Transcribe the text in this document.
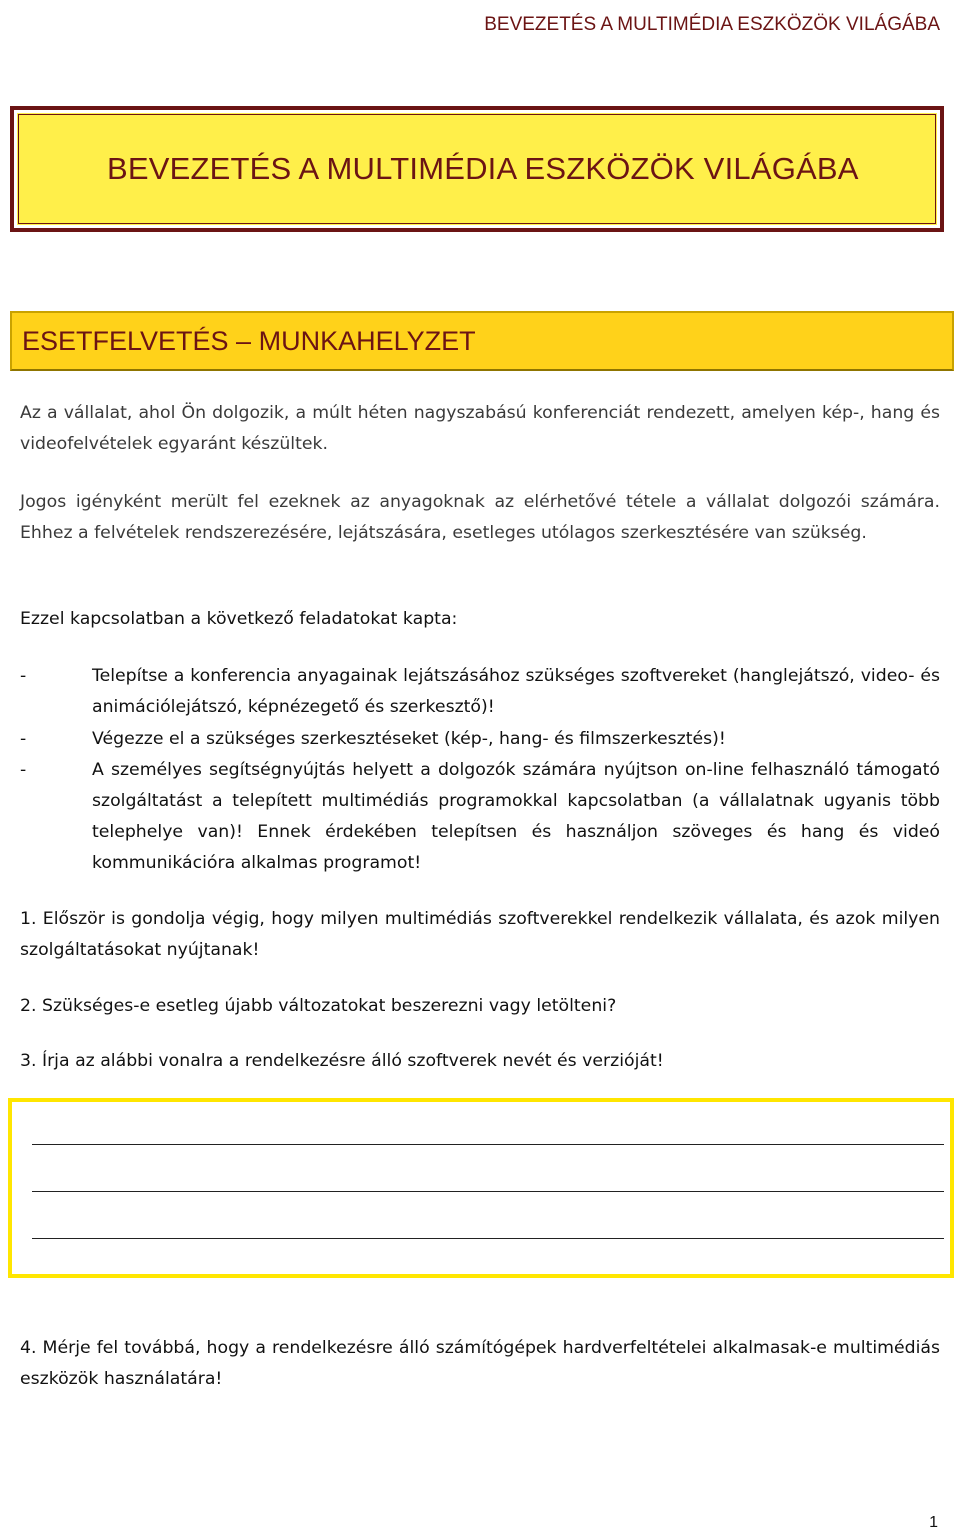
BEVEZETÉS A MULTIMÉDIA ESZKÖZÖK VILÁGÁBA
BEVEZETÉS A MULTIMÉDIA ESZKÖZÖK VILÁGÁBA
ESETFELVETÉS – MUNKAHELYZET
Az a vállalat, ahol Ön dolgozik, a múlt héten nagyszabású konferenciát rendezett, amelyen kép-, hang és videofelvételek egyaránt készültek.
Jogos igényként merült fel ezeknek az anyagoknak az elérhetővé tétele a vállalat dolgozói számára. Ehhez a felvételek rendszerezésére, lejátszására, esetleges utólagos szerkesztésére van szükség.
Ezzel kapcsolatban a következő feladatokat kapta:
-	Telepítse a konferencia anyagainak lejátszásához szükséges szoftvereket (hanglejátszó, video- és animációlejátszó, képnézegető és szerkesztő)!
-	Végezze el a szükséges szerkesztéseket (kép-, hang- és filmszerkesztés)!
-	A személyes segítségnyújtás helyett a dolgozók számára nyújtson on-line felhasználó támogató szolgáltatást a telepített multimédiás programokkal kapcsolatban (a vállalatnak ugyanis több telephelye van)! Ennek érdekében telepítsen és használjon szöveges és hang és videó kommunikációra alkalmas programot!
1. Először is gondolja végig, hogy milyen multimédiás szoftverekkel rendelkezik vállalata, és azok milyen szolgáltatásokat nyújtanak!
2. Szükséges-e esetleg újabb változatokat beszerezni vagy letölteni?
3. Írja az alábbi vonalra a rendelkezésre álló szoftverek nevét és verzióját!
4. Mérje fel továbbá, hogy a rendelkezésre álló számítógépek hardverfeltételei alkalmasak-e multimédiás eszközök használatára!
1
